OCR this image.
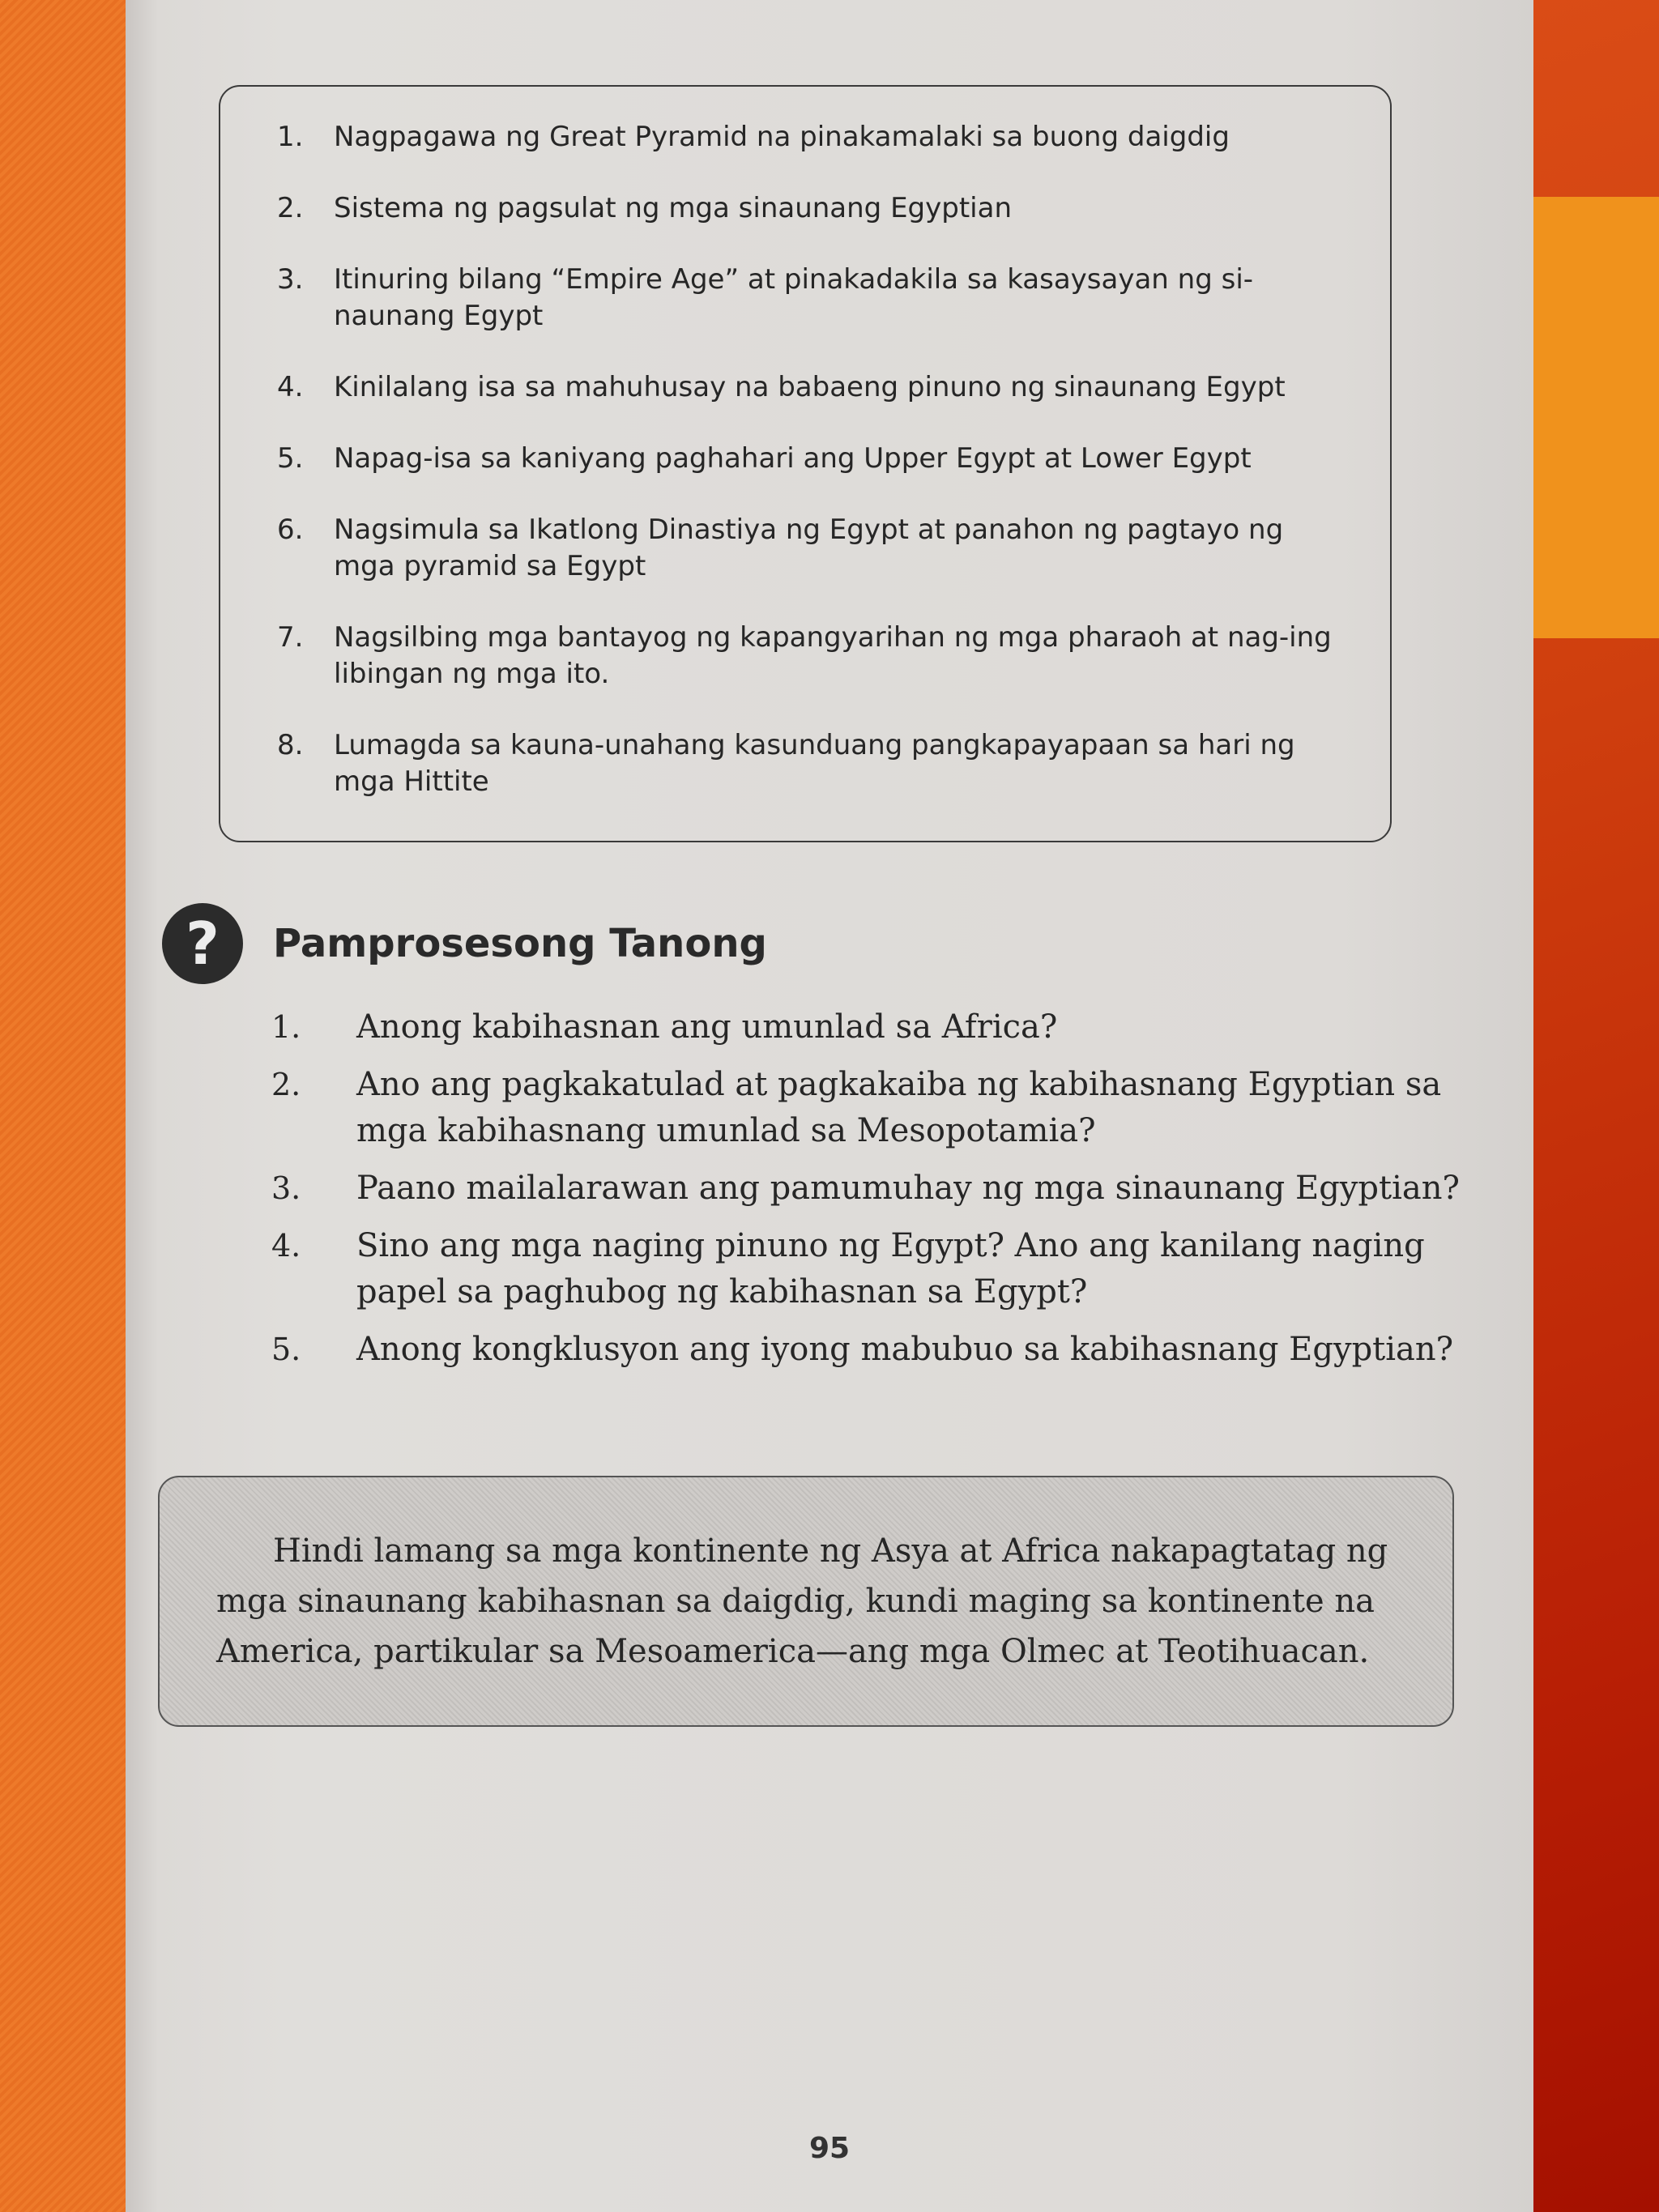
1. Nagpagawa ng Great Pyramid na pinakamalaki sa buong daigdig
2. Sistema ng pagsulat ng mga sinaunang Egyptian
3. Itinuring bilang “Empire Age” at pinakadakila sa kasaysayan ng si-naunang Egypt
4. Kinilalang isa sa mahuhusay na babaeng pinuno ng sinaunang Egypt
5. Napag-isa sa kaniyang paghahari ang Upper Egypt at Lower Egypt
6. Nagsimula sa Ikatlong Dinastiya ng Egypt at panahon ng pagtayo ng mga pyramid sa Egypt
7. Nagsilbing mga bantayog ng kapangyarihan ng mga pharaoh at nag-ing libingan ng mga ito.
8. Lumagda sa kauna-unahang kasunduang pangkapayapaan sa hari ng mga Hittite
?	Pamprosesong Tanong
1. Anong kabihasnan ang umunlad sa Africa?
2. Ano ang pagkakatulad at pagkakaiba ng kabihasnang Egyptian sa mga kabihasnang umunlad sa Mesopotamia?
3. Paano mailalarawan ang pamumuhay ng mga sinaunang Egyptian?
4. Sino ang mga naging pinuno ng Egypt? Ano ang kanilang naging papel sa paghubog ng kabihasnan sa Egypt?
5. Anong kongklusyon ang iyong mabubuo sa kabihasnang Egyptian?
Hindi lamang sa mga kontinente ng Asya at Africa nakapagtatag ng mga sinaunang kabihasnan sa daigdig, kundi maging sa kontinente na America, partikular sa Mesoamerica—ang mga Olmec at Teotihuacan.
95
